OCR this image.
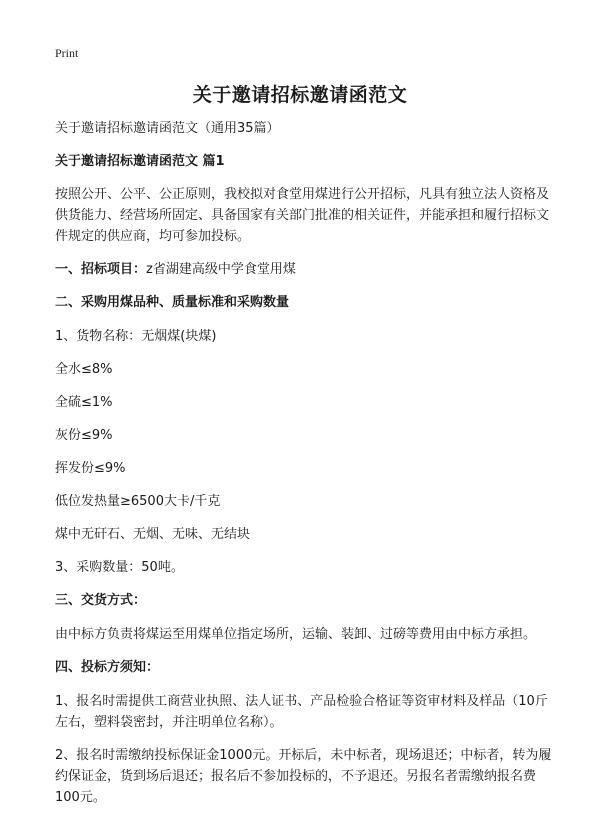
Print
关于邀请招标邀请函范文

关于邀请招标邀请函范文（通用35篇）

关于邀请招标邀请函范文 篇1

按照公开、公平、公正原则，我校拟对食堂用煤进行公开招标，凡具有独立法人资格及供货能力、经营场所固定、具备国家有关部门批准的相关证件，并能承担和履行招标文件规定的供应商，均可参加投标。

一、招标项目：z省湖建高级中学食堂用煤

二、采购用煤品种、质量标准和采购数量

1、货物名称：无烟煤(块煤)

全水≤8%

全硫≤1%

灰份≤9%

挥发份≤9%

低位发热量≥6500大卡/千克

煤中无矸石、无烟、无味、无结块

3、采购数量：50吨。

三、交货方式：

由中标方负责将煤运至用煤单位指定场所，运输、装卸、过磅等费用由中标方承担。

四、投标方须知：

1、报名时需提供工商营业执照、法人证书、产品检验合格证等资审材料及样品（10斤左右，塑料袋密封，并注明单位名称）。

2、报名时需缴纳投标保证金1000元。开标后，未中标者，现场退还；中标者，转为履约保证金，货到场后退还；报名后不参加投标的，不予退还。另报名者需缴纳报名费100元。
